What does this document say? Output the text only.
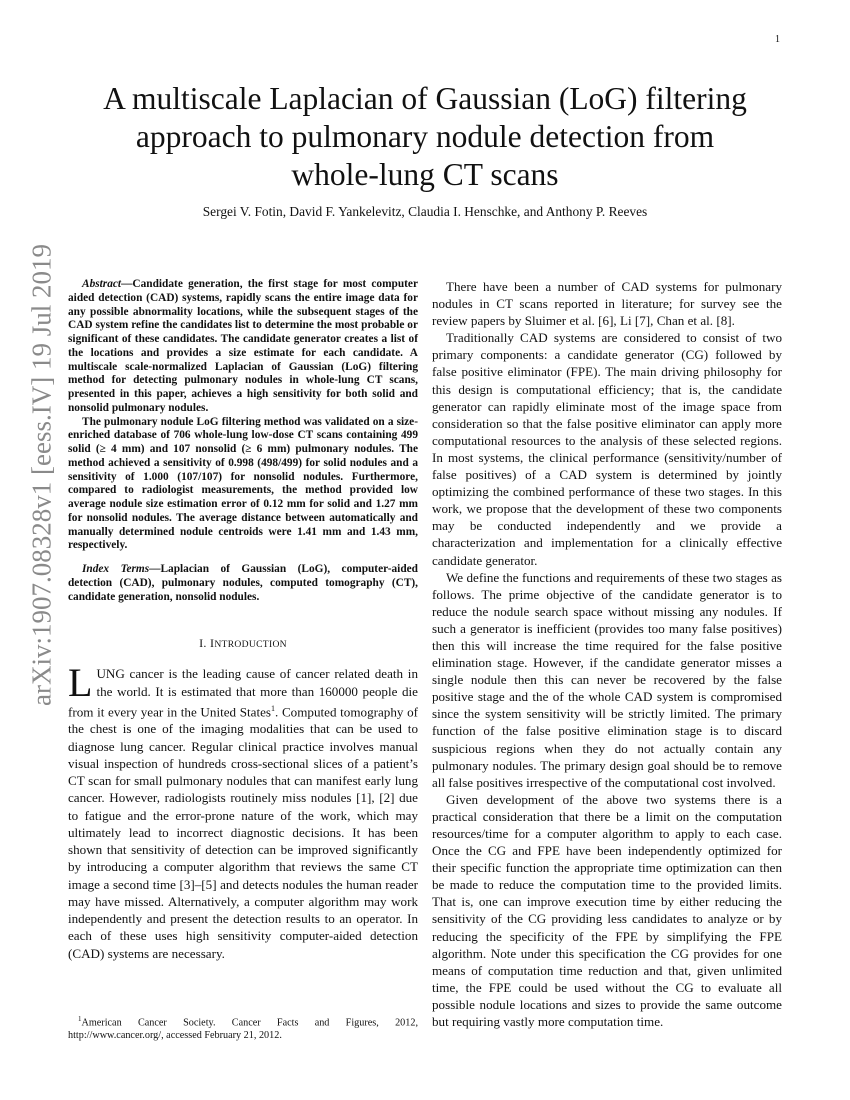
1
arXiv:1907.08328v1 [eess.IV] 19 Jul 2019
A multiscale Laplacian of Gaussian (LoG) filtering
approach to pulmonary nodule detection from
whole-lung CT scans
Sergei V. Fotin, David F. Yankelevitz, Claudia I. Henschke, and Anthony P. Reeves

Abstract—Candidate generation, the first stage for most computer aided detection (CAD) systems, rapidly scans the entire image data for any possible abnormality locations, while the subsequent stages of the CAD system refine the candidates list to determine the most probable or significant of these candidates. The candidate generator creates a list of the locations and provides a size estimate for each candidate. A multiscale scale-normalized Laplacian of Gaussian (LoG) filtering method for detecting pulmonary nodules in whole-lung CT scans, presented in this paper, achieves a high sensitivity for both solid and nonsolid pulmonary nodules.

The pulmonary nodule LoG filtering method was validated on a size-enriched database of 706 whole-lung low-dose CT scans containing 499 solid (≥ 4 mm) and 107 nonsolid (≥ 6 mm) pulmonary nodules. The method achieved a sensitivity of 0.998 (498/499) for solid nodules and a sensitivity of 1.000 (107/107) for nonsolid nodules. Furthermore, compared to radiologist measurements, the method provided low average nodule size estimation error of 0.12 mm for solid and 1.27 mm for nonsolid nodules. The average distance between automatically and manually determined nodule centroids were 1.41 mm and 1.43 mm, respectively.

Index Terms—Laplacian of Gaussian (LoG), computer-aided detection (CAD), pulmonary nodules, computed tomography (CT), candidate generation, nonsolid nodules.

I. INTRODUCTION

LUNG cancer is the leading cause of cancer related death in the world. It is estimated that more than 160000 people die from it every year in the United States$^1$. Computed tomography of the chest is one of the imaging modalities that can be used to diagnose lung cancer. Regular clinical practice involves manual visual inspection of hundreds cross-sectional slices of a patient’s CT scan for small pulmonary nodules that can manifest early lung cancer. However, radiologists routinely miss nodules [1], [2] due to fatigue and the error-prone nature of the work, which may ultimately lead to incorrect diagnostic decisions. It has been shown that sensitivity of detection can be improved significantly by introducing a computer algorithm that reviews the same CT image a second time [3]–[5] and detects nodules the human reader may have missed. Alternatively, a computer algorithm may work independently and present the detection results to an operator. In each of these uses high sensitivity computer-aided detection (CAD) systems are necessary.

$^1$American Cancer Society. Cancer Facts and Figures, 2012, http://www.cancer.org/, accessed February 21, 2012.

There have been a number of CAD systems for pulmonary nodules in CT scans reported in literature; for survey see the review papers by Sluimer et al. [6], Li [7], Chan et al. [8].

Traditionally CAD systems are considered to consist of two primary components: a candidate generator (CG) followed by false positive eliminator (FPE). The main driving philosophy for this design is computational efficiency; that is, the candidate generator can rapidly eliminate most of the image space from consideration so that the false positive eliminator can apply more computational resources to the analysis of these selected regions. In most systems, the clinical performance (sensitivity/number of false positives) of a CAD system is determined by jointly optimizing the combined performance of these two stages. In this work, we propose that the development of these two components may be conducted independently and we provide a characterization and implementation for a clinically effective candidate generator.

We define the functions and requirements of these two stages as follows. The prime objective of the candidate generator is to reduce the nodule search space without missing any nodules. If such a generator is inefficient (provides too many false positives) then this will increase the time required for the false positive elimination stage. However, if the candidate generator misses a single nodule then this can never be recovered by the false positive stage and the of the whole CAD system is compromised since the system sensitivity will be strictly limited. The primary function of the false positive elimination stage is to discard suspicious regions when they do not actually contain any pulmonary nodules. The primary design goal should be to remove all false positives irrespective of the computational cost involved.

Given development of the above two systems there is a practical consideration that there be a limit on the computation resources/time for a computer algorithm to apply to each case. Once the CG and FPE have been independently optimized for their specific function the appropriate time optimization can then be made to reduce the computation time to the provided limits. That is, one can improve execution time by either reducing the sensitivity of the CG providing less candidates to analyze or by reducing the specificity of the FPE by simplifying the FPE algorithm. Note under this specification the CG provides for one means of computation time reduction and that, given unlimited time, the FPE could be used without the CG to evaluate all possible nodule locations and sizes to provide the same outcome but requiring vastly more computation time.
